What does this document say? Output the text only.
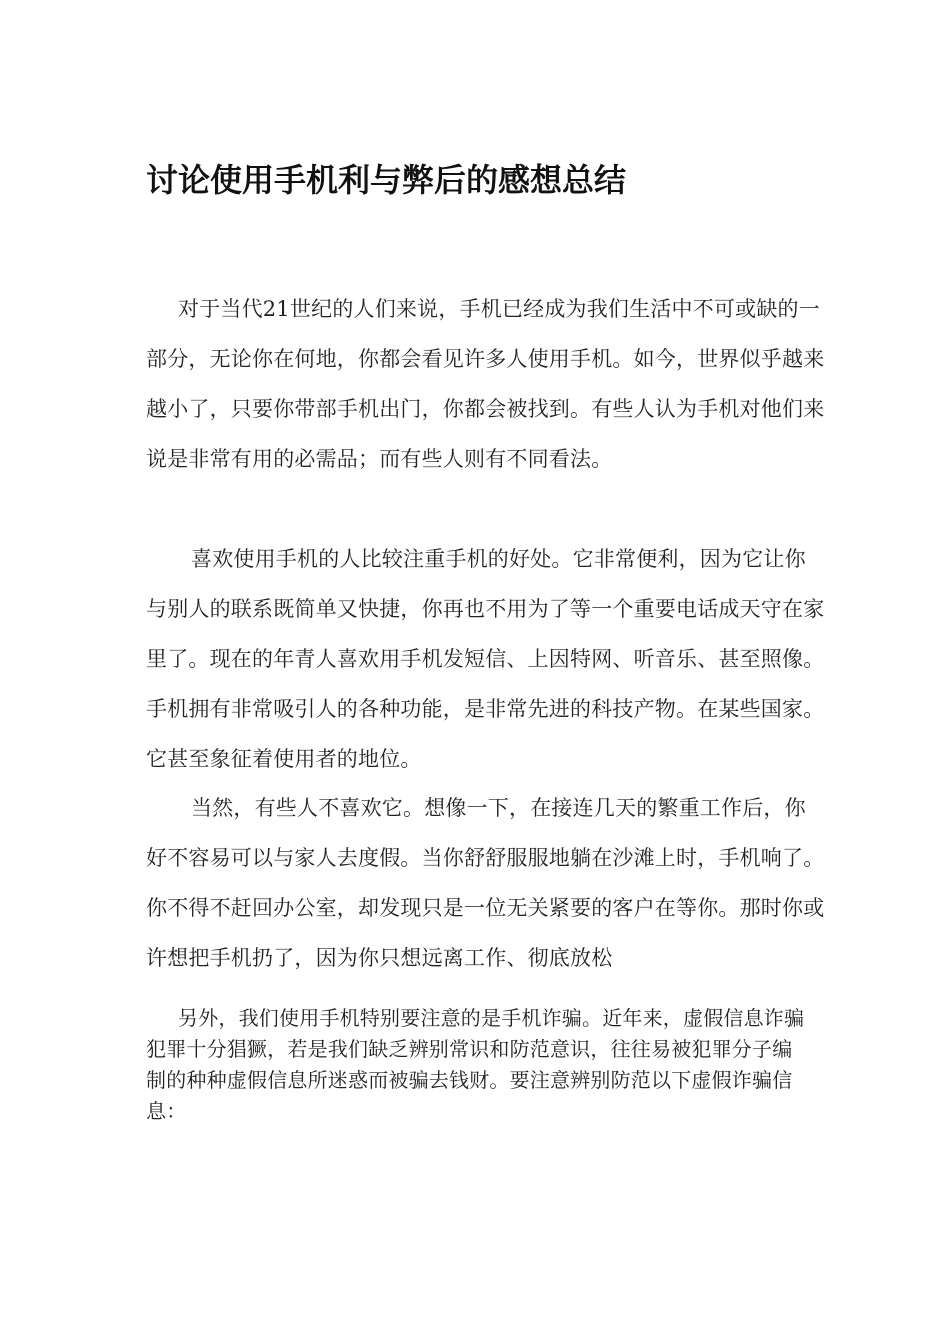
讨论使用手机利与弊后的感想总结

对于当代21世纪的人们来说，手机已经成为我们生活中不可或缺的一部分，无论你在何地，你都会看见许多人使用手机。如今，世界似乎越来越小了，只要你带部手机出门，你都会被找到。有些人认为手机对他们来说是非常有用的必需品；而有些人则有不同看法。

喜欢使用手机的人比较注重手机的好处。它非常便利，因为它让你与别人的联系既简单又快捷，你再也不用为了等一个重要电话成天守在家里了。现在的年青人喜欢用手机发短信、上因特网、听音乐、甚至照像。手机拥有非常吸引人的各种功能，是非常先进的科技产物。在某些国家。它甚至象征着使用者的地位。

当然，有些人不喜欢它。想像一下，在接连几天的繁重工作后，你好不容易可以与家人去度假。当你舒舒服服地躺在沙滩上时，手机响了。你不得不赶回办公室，却发现只是一位无关紧要的客户在等你。那时你或许想把手机扔了，因为你只想远离工作、彻底放松

另外，我们使用手机特别要注意的是手机诈骗。近年来，虚假信息诈骗犯罪十分猖獗，若是我们缺乏辨别常识和防范意识，往往易被犯罪分子编制的种种虚假信息所迷惑而被骗去钱财。要注意辨别防范以下虚假诈骗信息：
